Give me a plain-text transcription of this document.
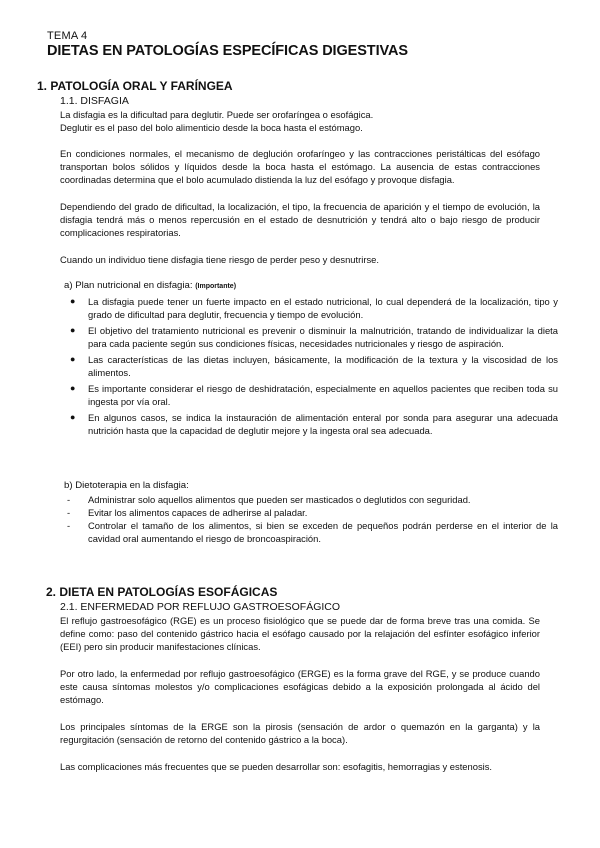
TEMA 4
DIETAS EN PATOLOGÍAS ESPECÍFICAS DIGESTIVAS
1. PATOLOGÍA ORAL Y FARÍNGEA
1.1. DISFAGIA

La disfagia es la dificultad para deglutir. Puede ser orofaríngea o esofágica.

Deglutir es el paso del bolo alimenticio desde la boca hasta el estómago.

En condiciones normales, el mecanismo de deglución orofaríngeo y las contracciones peristálticas del esófago transportan bolos sólidos y líquidos desde la boca hasta el estómago. La ausencia de estas contracciones coordinadas determina que el bolo acumulado distienda la luz del esófago y provoque disfagia.

Dependiendo del grado de dificultad, la localización, el tipo, la frecuencia de aparición y el tiempo de evolución, la disfagia tendrá más o menos repercusión en el estado de desnutrición y tendrá alto o bajo riesgo de producir complicaciones respiratorias.

Cuando un individuo tiene disfagia tiene riesgo de perder peso y desnutrirse.

a) Plan nutricional en disfagia: (Importante)
● La disfagia puede tener un fuerte impacto en el estado nutricional, lo cual dependerá de la localización, tipo y grado de dificultad para deglutir, frecuencia y tiempo de evolución.
● El objetivo del tratamiento nutricional es prevenir o disminuir la malnutrición, tratando de individualizar la dieta para cada paciente según sus condiciones físicas, necesidades nutricionales y riesgo de aspiración.
● Las características de las dietas incluyen, básicamente, la modificación de la textura y la viscosidad de los alimentos.
● Es importante considerar el riesgo de deshidratación, especialmente en aquellos pacientes que reciben toda su ingesta por vía oral.
● En algunos casos, se indica la instauración de alimentación enteral por sonda para asegurar una adecuada nutrición hasta que la capacidad de deglutir mejore y la ingesta oral sea adecuada.
b) Dietoterapia en la disfagia:
- Administrar solo aquellos alimentos que pueden ser masticados o deglutidos con seguridad.
- Evitar los alimentos capaces de adherirse al paladar.
- Controlar el tamaño de los alimentos, si bien se exceden de pequeños podrán perderse en el interior de la cavidad oral aumentando el riesgo de broncoaspiración.
2. DIETA EN PATOLOGÍAS ESOFÁGICAS
2.1. ENFERMEDAD POR REFLUJO GASTROESOFÁGICO

El reflujo gastroesofágico (RGE) es un proceso fisiológico que se puede dar de forma breve tras una comida. Se define como: paso del contenido gástrico hacia el esófago causado por la relajación del esfínter esofágico inferior (EEI) pero sin producir manifestaciones clínicas.

Por otro lado, la enfermedad por reflujo gastroesofágico (ERGE) es la forma grave del RGE, y se produce cuando este causa síntomas molestos y/o complicaciones esofágicas debido a la exposición prolongada al ácido del estómago.

Los principales síntomas de la ERGE son la pirosis (sensación de ardor o quemazón en la garganta) y la regurgitación (sensación de retorno del contenido gástrico a la boca).

Las complicaciones más frecuentes que se pueden desarrollar son: esofagitis, hemorragias y estenosis.
